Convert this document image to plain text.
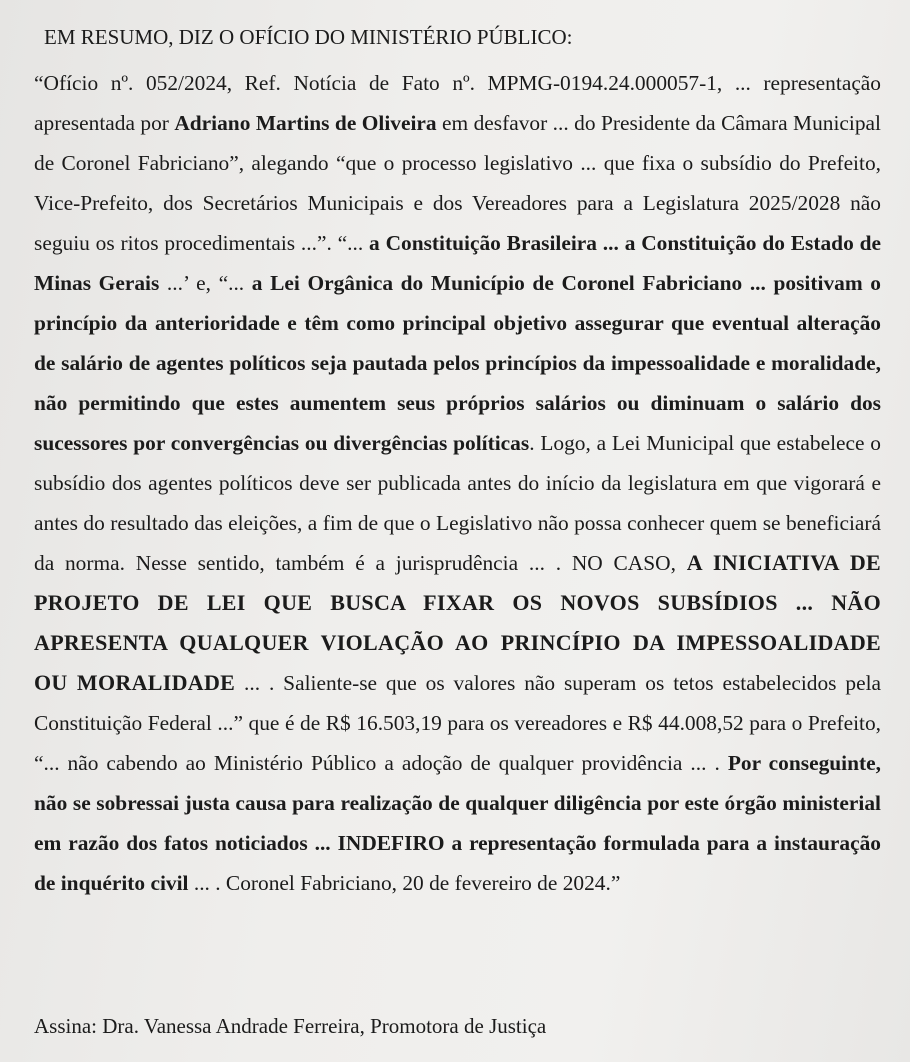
EM RESUMO, DIZ O OFÍCIO DO MINISTÉRIO PÚBLICO:

“Ofício nº. 052/2024, Ref. Notícia de Fato nº. MPMG-0194.24.000057-1, ... representação apresentada por Adriano Martins de Oliveira em desfavor ... do Presidente da Câmara Municipal de Coronel Fabriciano”, alegando “que o processo legislativo ... que fixa o subsídio do Prefeito, Vice-Prefeito, dos Secretários Municipais e dos Vereadores para a Legislatura 2025/2028 não seguiu os ritos procedimentais ...”. “... a Constituição Brasileira ... a Constituição do Estado de Minas Gerais ...’ e, “... a Lei Orgânica do Município de Coronel Fabriciano ... positivam o princípio da anterioridade e têm como principal objetivo assegurar que eventual alteração de salário de agentes políticos seja pautada pelos princípios da impessoalidade e moralidade, não permitindo que estes aumentem seus próprios salários ou diminuam o salário dos sucessores por convergências ou divergências políticas. Logo, a Lei Municipal que estabelece o subsídio dos agentes políticos deve ser publicada antes do início da legislatura em que vigorará e antes do resultado das eleições, a fim de que o Legislativo não possa conhecer quem se beneficiará da norma. Nesse sentido, também é a jurisprudência ... . NO CASO, A INICIATIVA DE PROJETO DE LEI QUE BUSCA FIXAR OS NOVOS SUBSÍDIOS ... NÃO APRESENTA QUALQUER VIOLAÇÃO AO PRINCÍPIO DA IMPESSOALIDADE OU MORALIDADE ... . Saliente-se que os valores não superam os tetos estabelecidos pela Constituição Federal ...” que é de R$ 16.503,19 para os vereadores e R$ 44.008,52 para o Prefeito, “... não cabendo ao Ministério Público a adoção de qualquer providência ... . Por conseguinte, não se sobressai justa causa para realização de qualquer diligência por este órgão ministerial em razão dos fatos noticiados ... INDEFIRO a representação formulada para a instauração de inquérito civil ... . Coronel Fabriciano, 20 de fevereiro de 2024.”

Assina: Dra. Vanessa Andrade Ferreira, Promotora de Justiça
